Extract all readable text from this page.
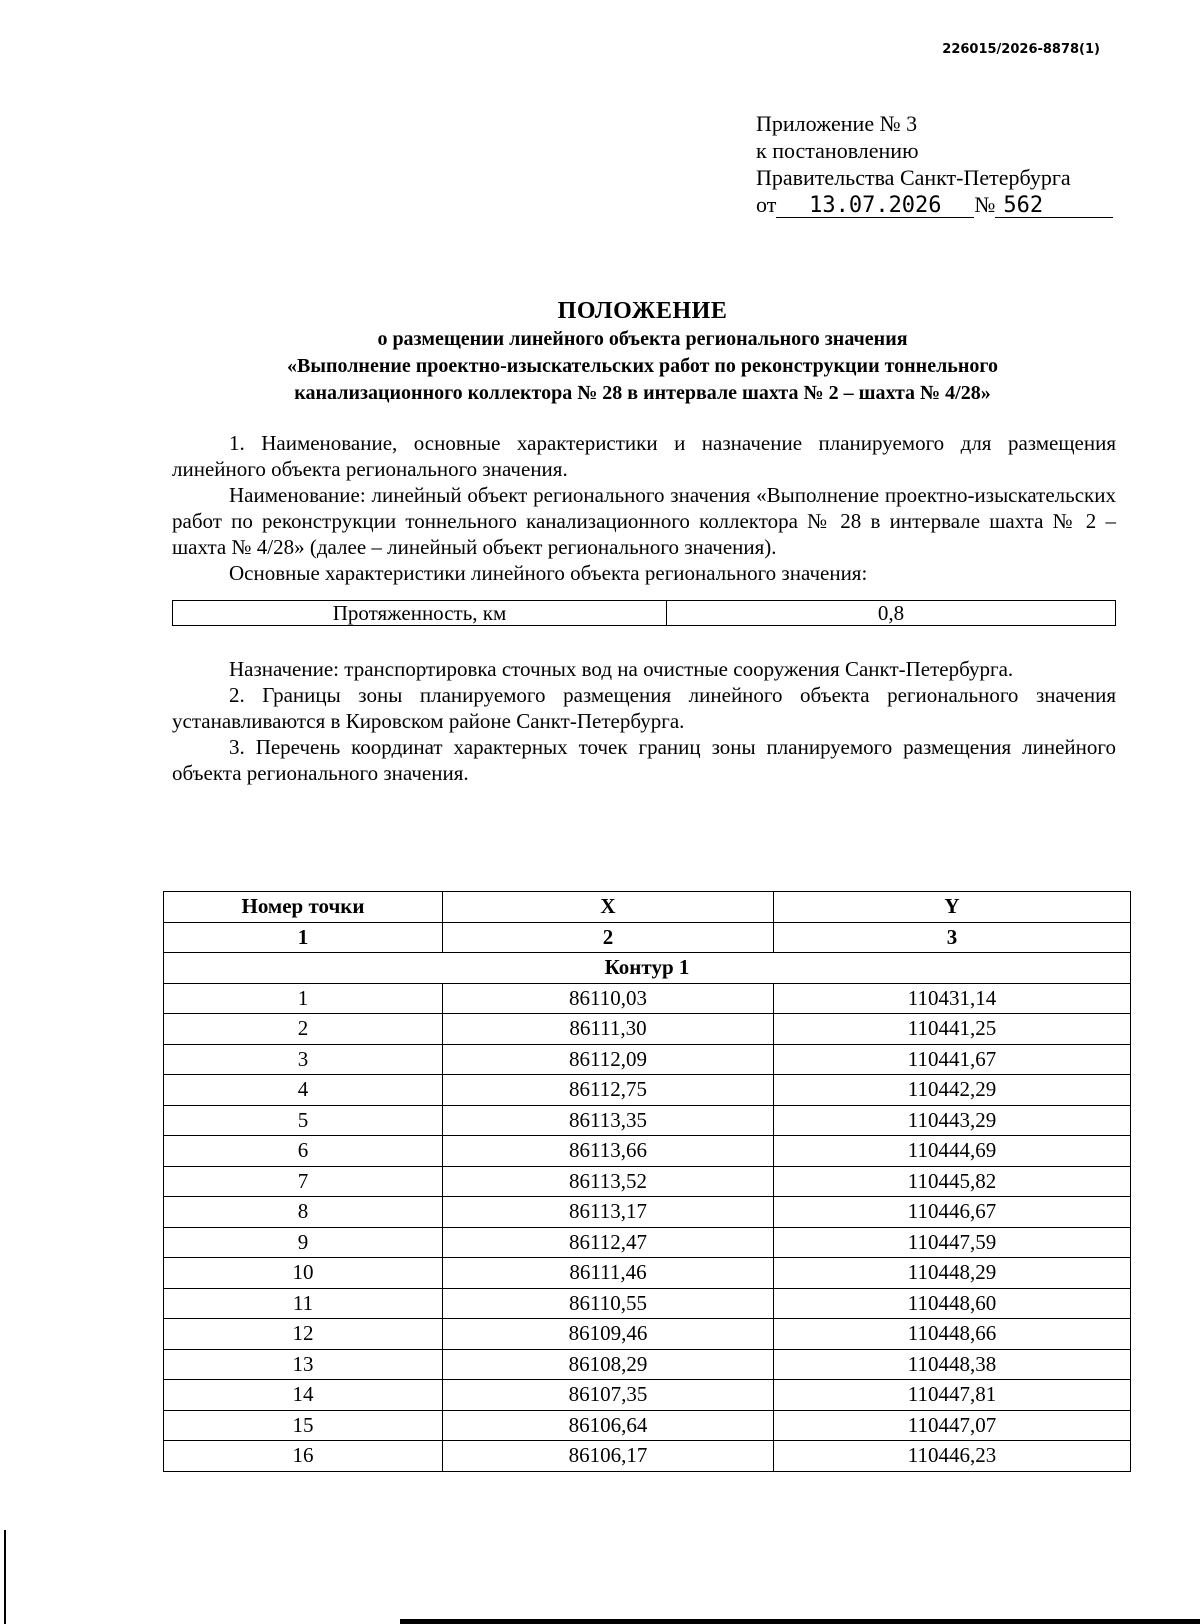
226015/2026-8878(1)
Приложение № 3
к постановлению
Правительства Санкт-Петербурга
от 13.07.2026 № 562
ПОЛОЖЕНИЕ
о размещении линейного объекта регионального значения
«Выполнение проектно-изыскательских работ по реконструкции тоннельного
канализационного коллектора № 28 в интервале шахта № 2 – шахта № 4/28»

1. Наименование, основные характеристики и назначение планируемого для размещения линейного объекта регионального значения.

Наименование: линейный объект регионального значения «Выполнение проектно-изыскательских работ по реконструкции тоннельного канализационного коллектора № 28 в интервале шахта № 2 – шахта № 4/28» (далее – линейный объект регионального значения).

Основные характеристики линейного объекта регионального значения:

Протяженность, км	0,8

Назначение: транспортировка сточных вод на очистные сооружения Санкт-Петербурга.

2. Границы зоны планируемого размещения линейного объекта регионального значения устанавливаются в Кировском районе Санкт-Петербурга.

3. Перечень координат характерных точек границ зоны планируемого размещения линейного объекта регионального значения.

Номер точки	X	Y
1	2	3
Контур 1		
1	86110,03	110431,14
2	86111,30	110441,25
3	86112,09	110441,67
4	86112,75	110442,29
5	86113,35	110443,29
6	86113,66	110444,69
7	86113,52	110445,82
8	86113,17	110446,67
9	86112,47	110447,59
10	86111,46	110448,29
11	86110,55	110448,60
12	86109,46	110448,66
13	86108,29	110448,38
14	86107,35	110447,81
15	86106,64	110447,07
16	86106,17	110446,23
